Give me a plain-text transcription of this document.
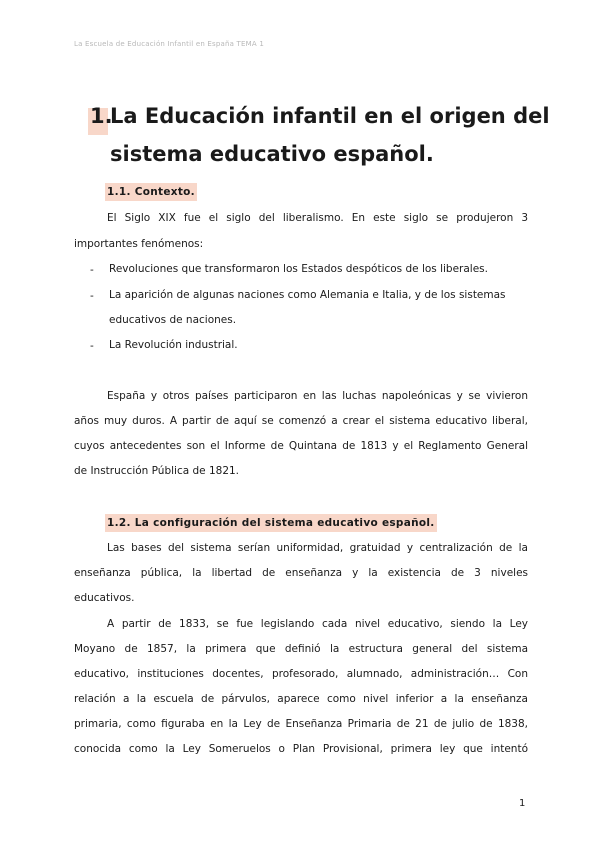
La Escuela de Educación Infantil en España TEMA 1
1.
La Educación infantil en el origen del
sistema educativo español.
1.1. Contexto.
El Siglo XIX fue el siglo del liberalismo. En este siglo se produjeron 3
importantes fenómenos:
- Revoluciones que transformaron los Estados despóticos de los liberales.
- La aparición de algunas naciones como Alemania e Italia, y de los sistemas
educativos de naciones.
- La Revolución industrial.
España y otros países participaron en las luchas napoleónicas y se vivieron
años muy duros. A partir de aquí se comenzó a crear el sistema educativo liberal,
cuyos antecedentes son el Informe de Quintana de 1813 y el Reglamento General
de Instrucción Pública de 1821.
1.2. La configuración del sistema educativo español.
Las bases del sistema serían uniformidad, gratuidad y centralización de la
enseñanza pública, la libertad de enseñanza y la existencia de 3 niveles
educativos.
A partir de 1833, se fue legislando cada nivel educativo, siendo la Ley
Moyano de 1857, la primera que definió la estructura general del sistema
educativo, instituciones docentes, profesorado, alumnado, administración… Con
relación a la escuela de párvulos, aparece como nivel inferior a la enseñanza
primaria, como figuraba en la Ley de Enseñanza Primaria de 21 de julio de 1838,
conocida como la Ley Someruelos o Plan Provisional, primera ley que intentó
1
